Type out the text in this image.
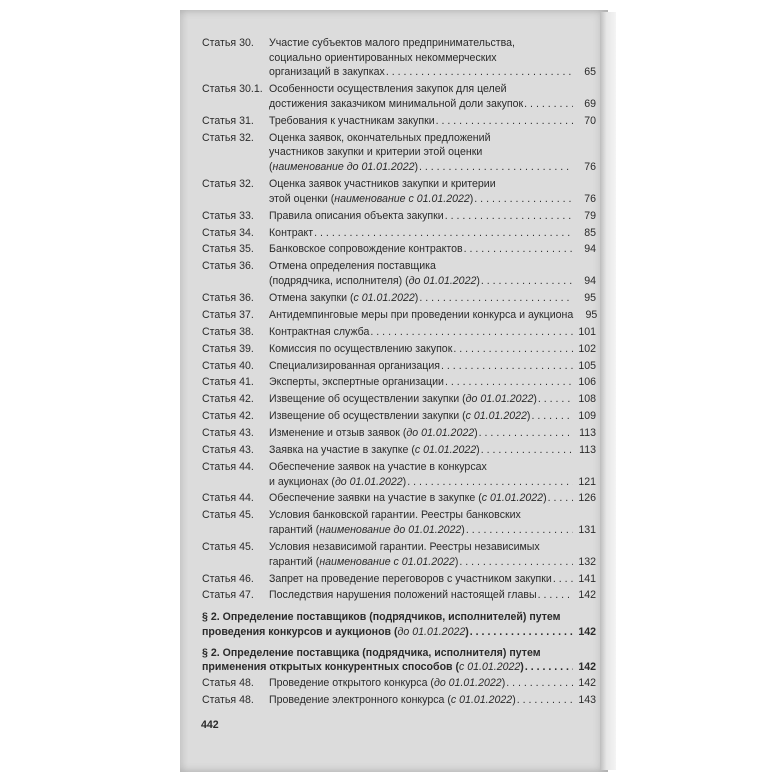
Статья 30.	Участие субъектов малого предпринимательства,
социально ориентированных некоммерческих
организаций в закупках . . .	65
Статья 30.1. Особенности осуществления закупок для целей
достижения заказчиком минимальной доли закупок . . .	69
Статья 31.	Требования к участникам закупки . . .	70
Статья 32.	Оценка заявок, окончательных предложений
участников закупки и критерии этой оценки
(наименование до 01.01.2022) . . .	76
Статья 32.	Оценка заявок участников закупки и критерии
этой оценки (наименование с 01.01.2022) . . .	76
Статья 33.	Правила описания объекта закупки . . .	79
Статья 34.	Контракт . . .	85
Статья 35.	Банковское сопровождение контрактов . . .	94
Статья 36.	Отмена определения поставщика
(подрядчика, исполнителя) (до 01.01.2022) . . .	94
Статья 36.	Отмена закупки (с 01.01.2022) . . .	95
Статья 37.	Антидемпинговые меры при проведении конкурса и аукциона	95
Статья 38.	Контрактная служба . . .	101
Статья 39.	Комиссия по осуществлению закупок . . .	102
Статья 40.	Специализированная организация . . .	105
Статья 41.	Эксперты, экспертные организации . . .	106
Статья 42.	Извещение об осуществлении закупки (до 01.01.2022) . . .	108
Статья 42.	Извещение об осуществлении закупки (с 01.01.2022) . . .	109
Статья 43.	Изменение и отзыв заявок (до 01.01.2022) . . .	113
Статья 43.	Заявка на участие в закупке (с 01.01.2022) . . .	113
Статья 44.	Обеспечение заявок на участие в конкурсах
и аукционах (до 01.01.2022) . . .	121
Статья 44.	Обеспечение заявки на участие в закупке (с 01.01.2022) . . .	126
Статья 45.	Условия банковской гарантии. Реестры банковских
гарантий (наименование до 01.01.2022) . . .	131
Статья 45.	Условия независимой гарантии. Реестры независимых
гарантий (наименование с 01.01.2022) . . .	132
Статья 46.	Запрет на проведение переговоров с участником закупки . . .	141
Статья 47.	Последствия нарушения положений настоящей главы . . .	142
§ 2. Определение поставщиков (подрядчиков, исполнителей) путем
проведения конкурсов и аукционов (до 01.01.2022) . . .	142
§ 2. Определение поставщика (подрядчика, исполнителя) путем
применения открытых конкурентных способов (с 01.01.2022) . . .	142
Статья 48.	Проведение открытого конкурса (до 01.01.2022) . . .	142
Статья 48.	Проведение электронного конкурса (с 01.01.2022) . . .	143
442
